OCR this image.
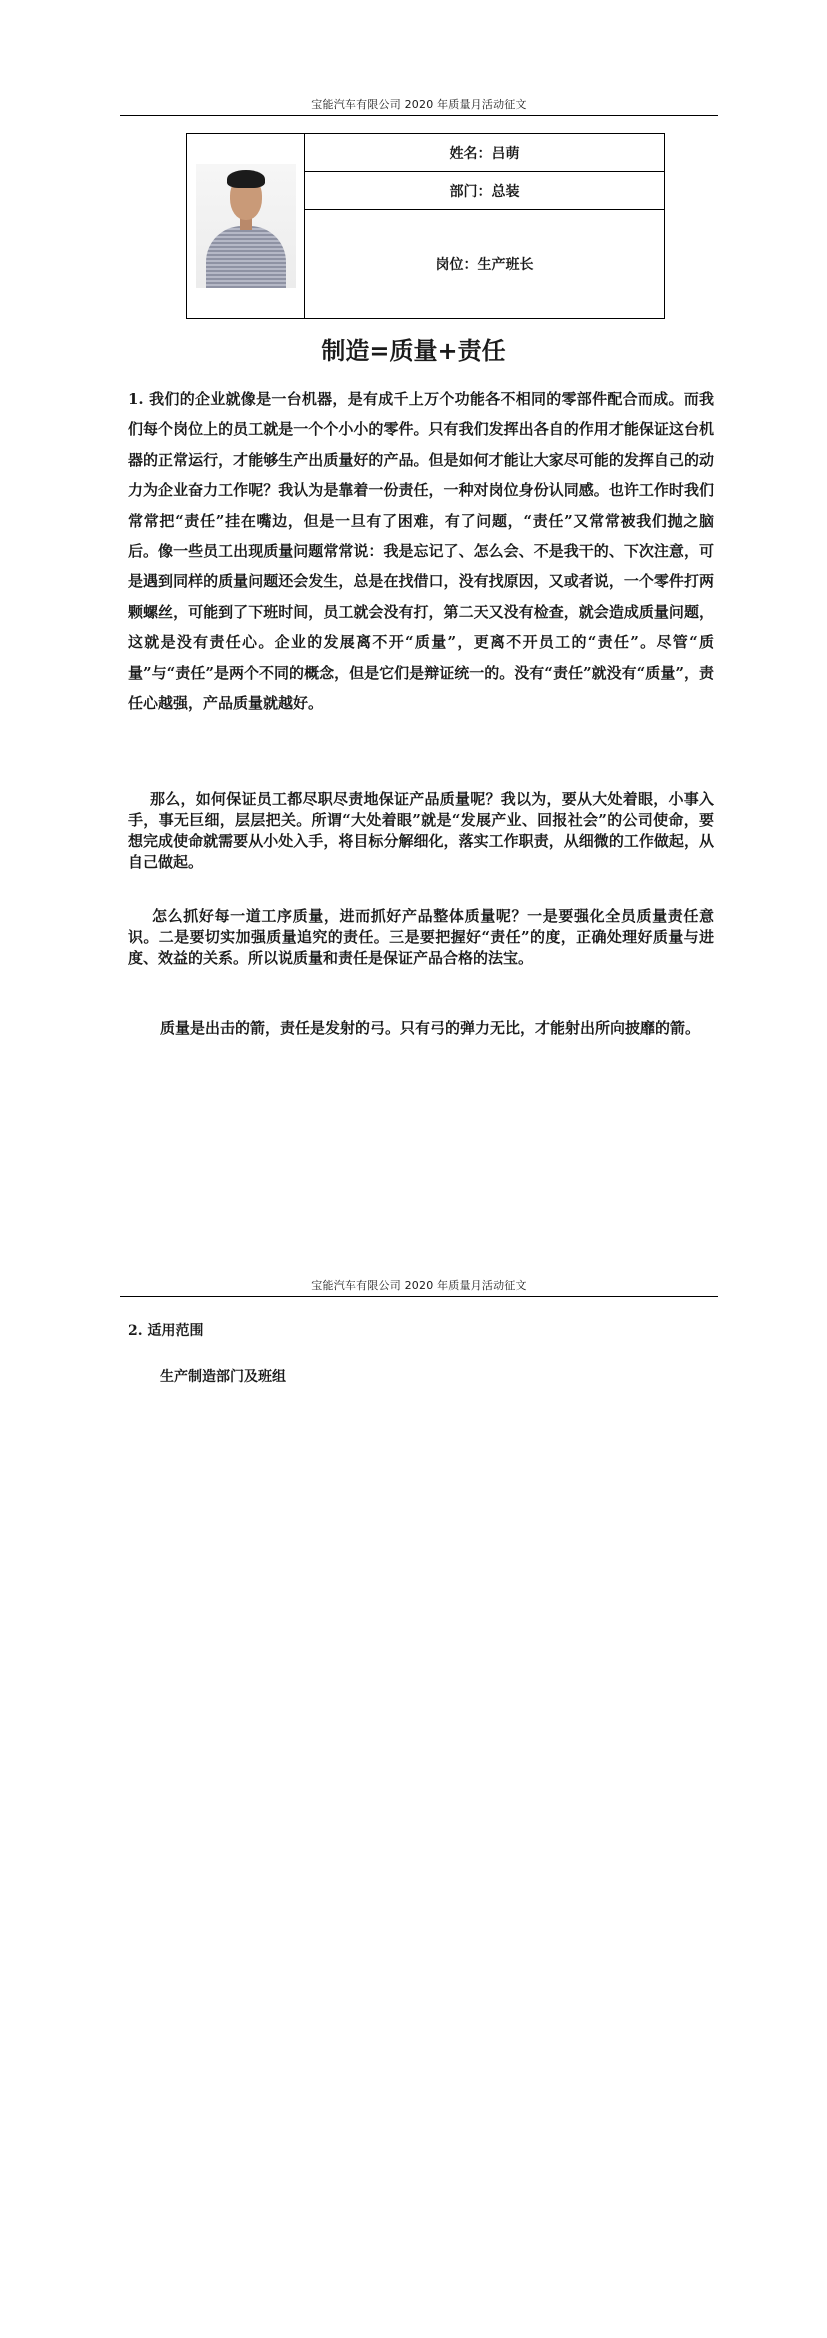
宝能汽车有限公司 2020 年质量月活动征文
	姓名：吕萌
部门：总装
岗位：生产班长
制造=质量+责任

1. 我们的企业就像是一台机器，是有成千上万个功能各不相同的零部件配合而成。而我们每个岗位上的员工就是一个个小小的零件。只有我们发挥出各自的作用才能保证这台机器的正常运行，才能够生产出质量好的产品。但是如何才能让大家尽可能的发挥自己的动力为企业奋力工作呢？我认为是靠着一份责任，一种对岗位身份认同感。也许工作时我们常常把“责任”挂在嘴边，但是一旦有了困难，有了问题，“责任”又常常被我们抛之脑后。像一些员工出现质量问题常常说：我是忘记了、怎么会、不是我干的、下次注意，可是遇到同样的质量问题还会发生，总是在找借口，没有找原因，又或者说，一个零件打两颗螺丝，可能到了下班时间，员工就会没有打，第二天又没有检查，就会造成质量问题，这就是没有责任心。企业的发展离不开“质量”，更离不开员工的“责任”。尽管“质量”与“责任”是两个不同的概念，但是它们是辩证统一的。没有“责任”就没有“质量”，责任心越强，产品质量就越好。

那么，如何保证员工都尽职尽责地保证产品质量呢？我以为，要从大处着眼，小事入手，事无巨细，层层把关。所谓“大处着眼”就是“发展产业、回报社会”的公司使命，要想完成使命就需要从小处入手，将目标分解细化，落实工作职责，从细微的工作做起，从自己做起。

怎么抓好每一道工序质量，进而抓好产品整体质量呢？一是要强化全员质量责任意识。二是要切实加强质量追究的责任。三是要把握好“责任”的度，正确处理好质量与进度、效益的关系。所以说质量和责任是保证产品合格的法宝。

质量是出击的箭，责任是发射的弓。只有弓的弹力无比，才能射出所向披靡的箭。

宝能汽车有限公司 2020 年质量月活动征文
2. 适用范围
生产制造部门及班组
